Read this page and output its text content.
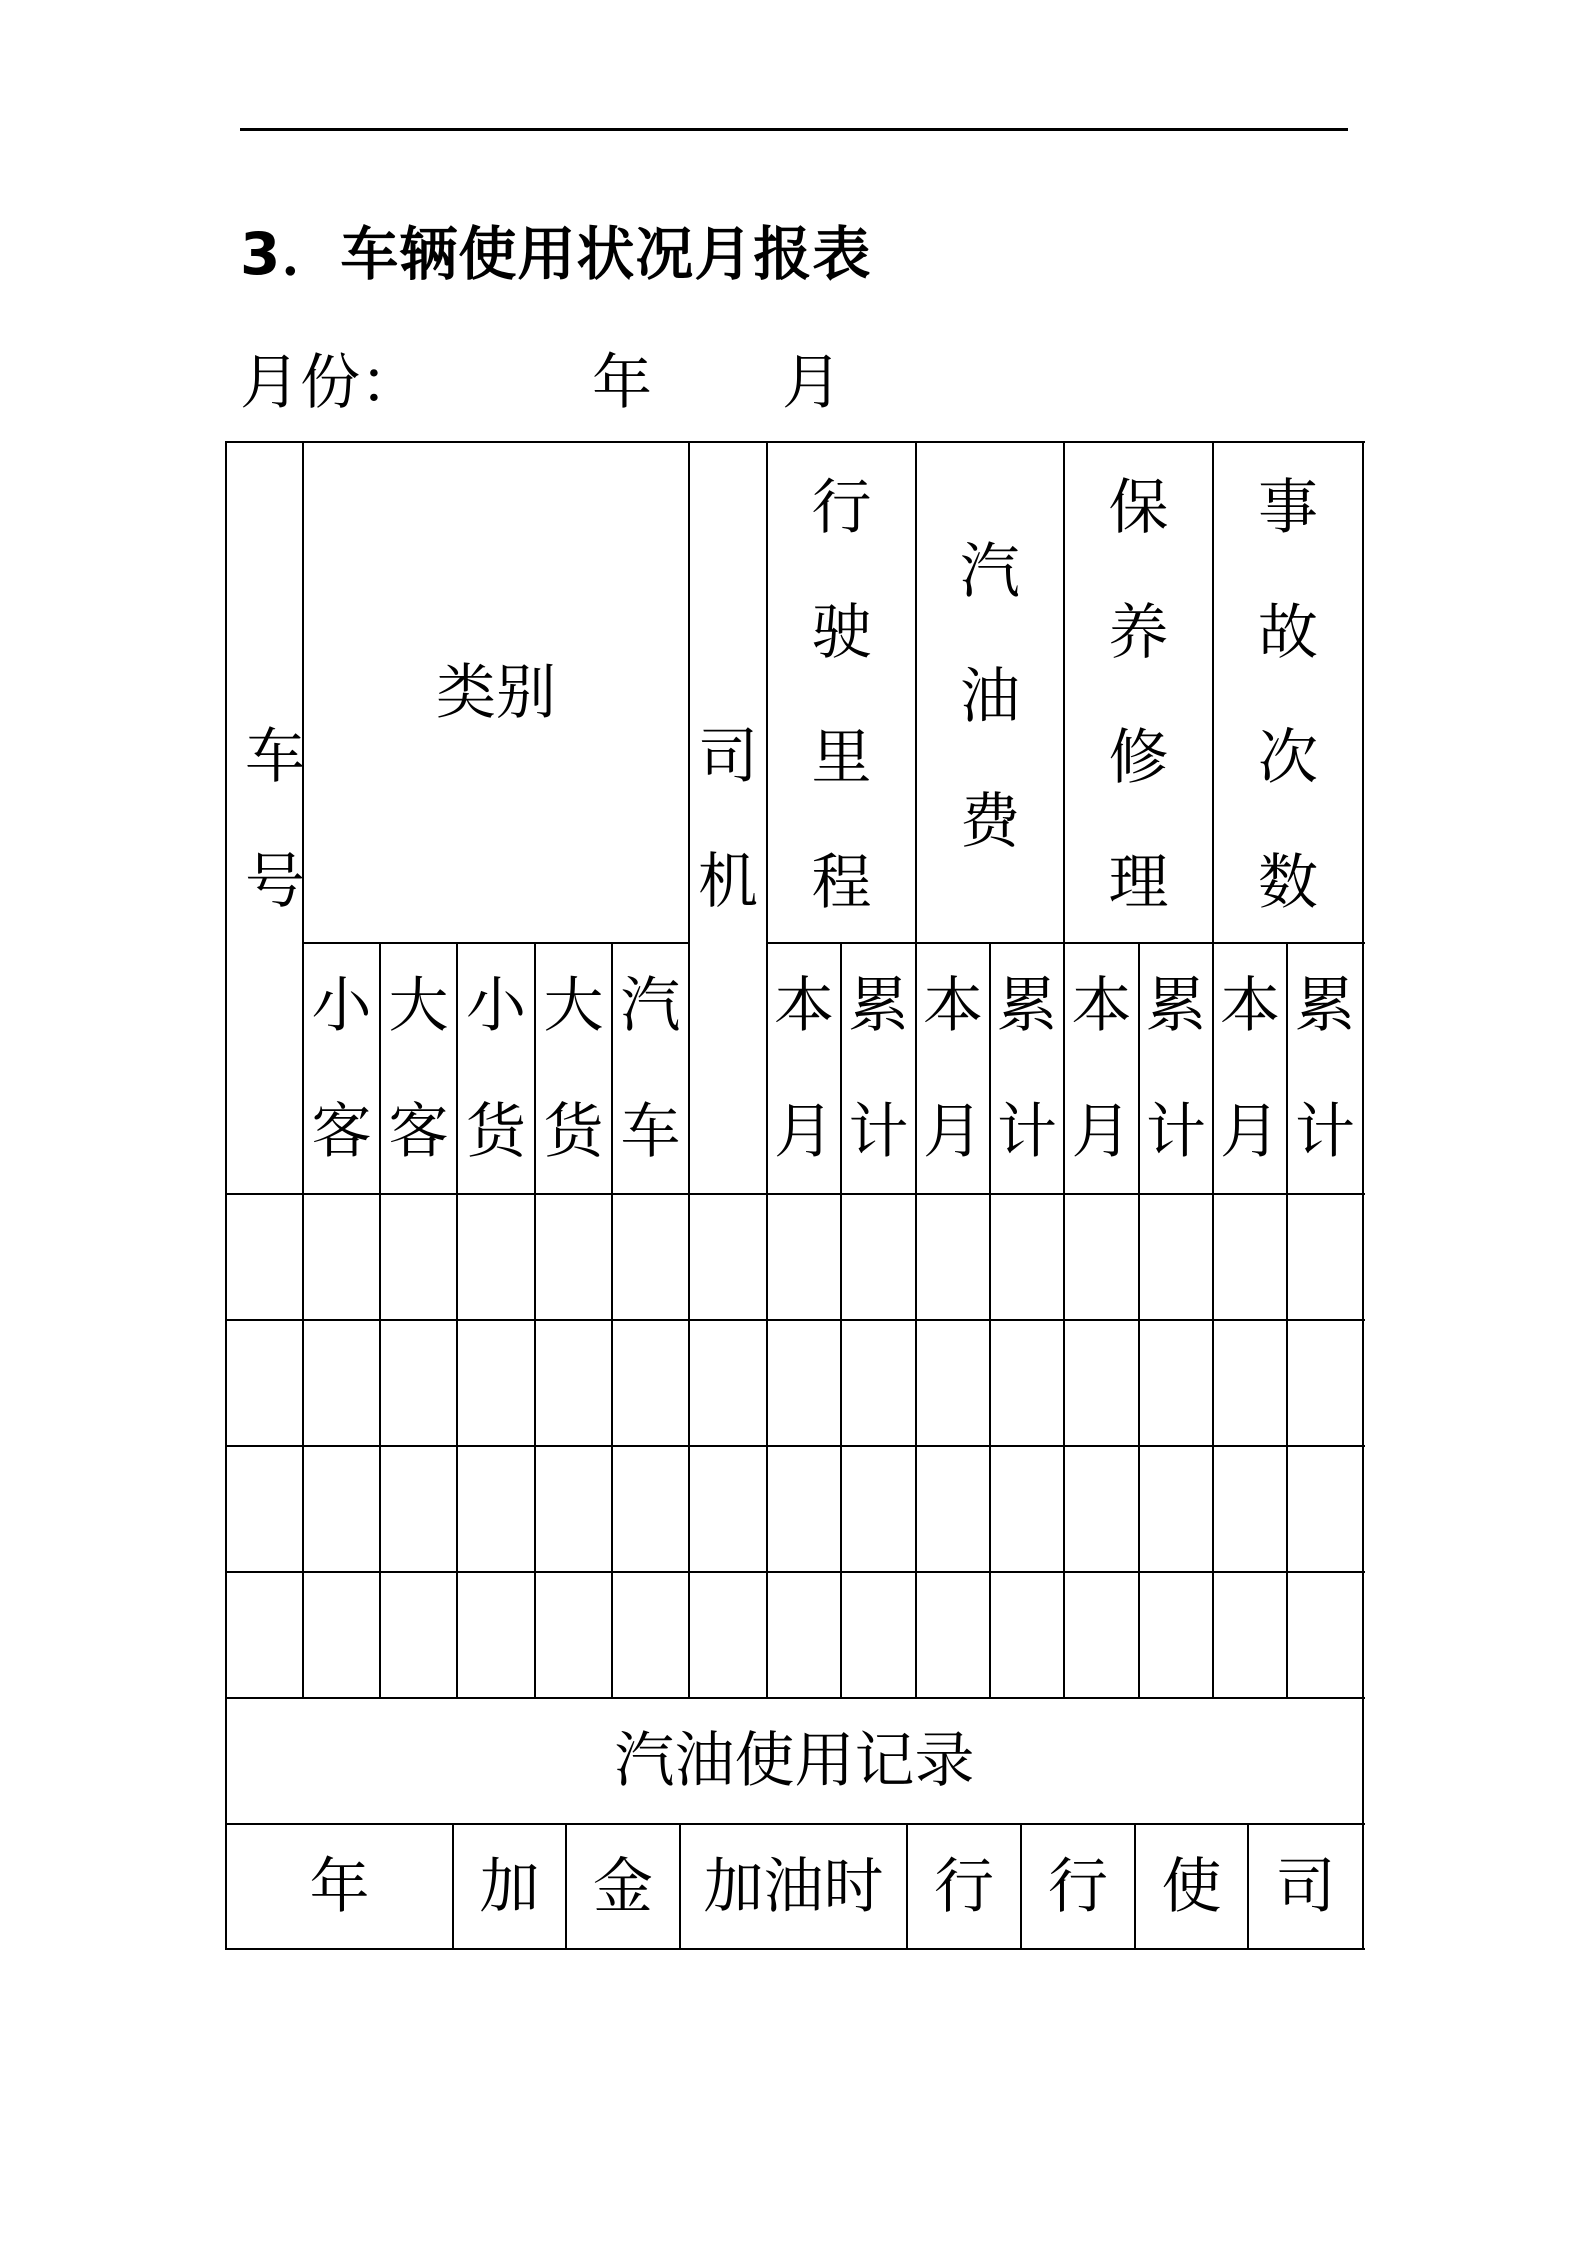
3．车辆使用状况月报表
月份：	年 月
车
号
类别
小
客
大
客
小
货
大
货
汽
车
司
机
行
驶
里
程
汽
油
费
保
养
修
理
事
故
次
数
本
月
累
计
本
月
累
计
本
月
累
计
本
月
累
计
汽油使用记录
年 加 金 加油时 行 行 使 司
